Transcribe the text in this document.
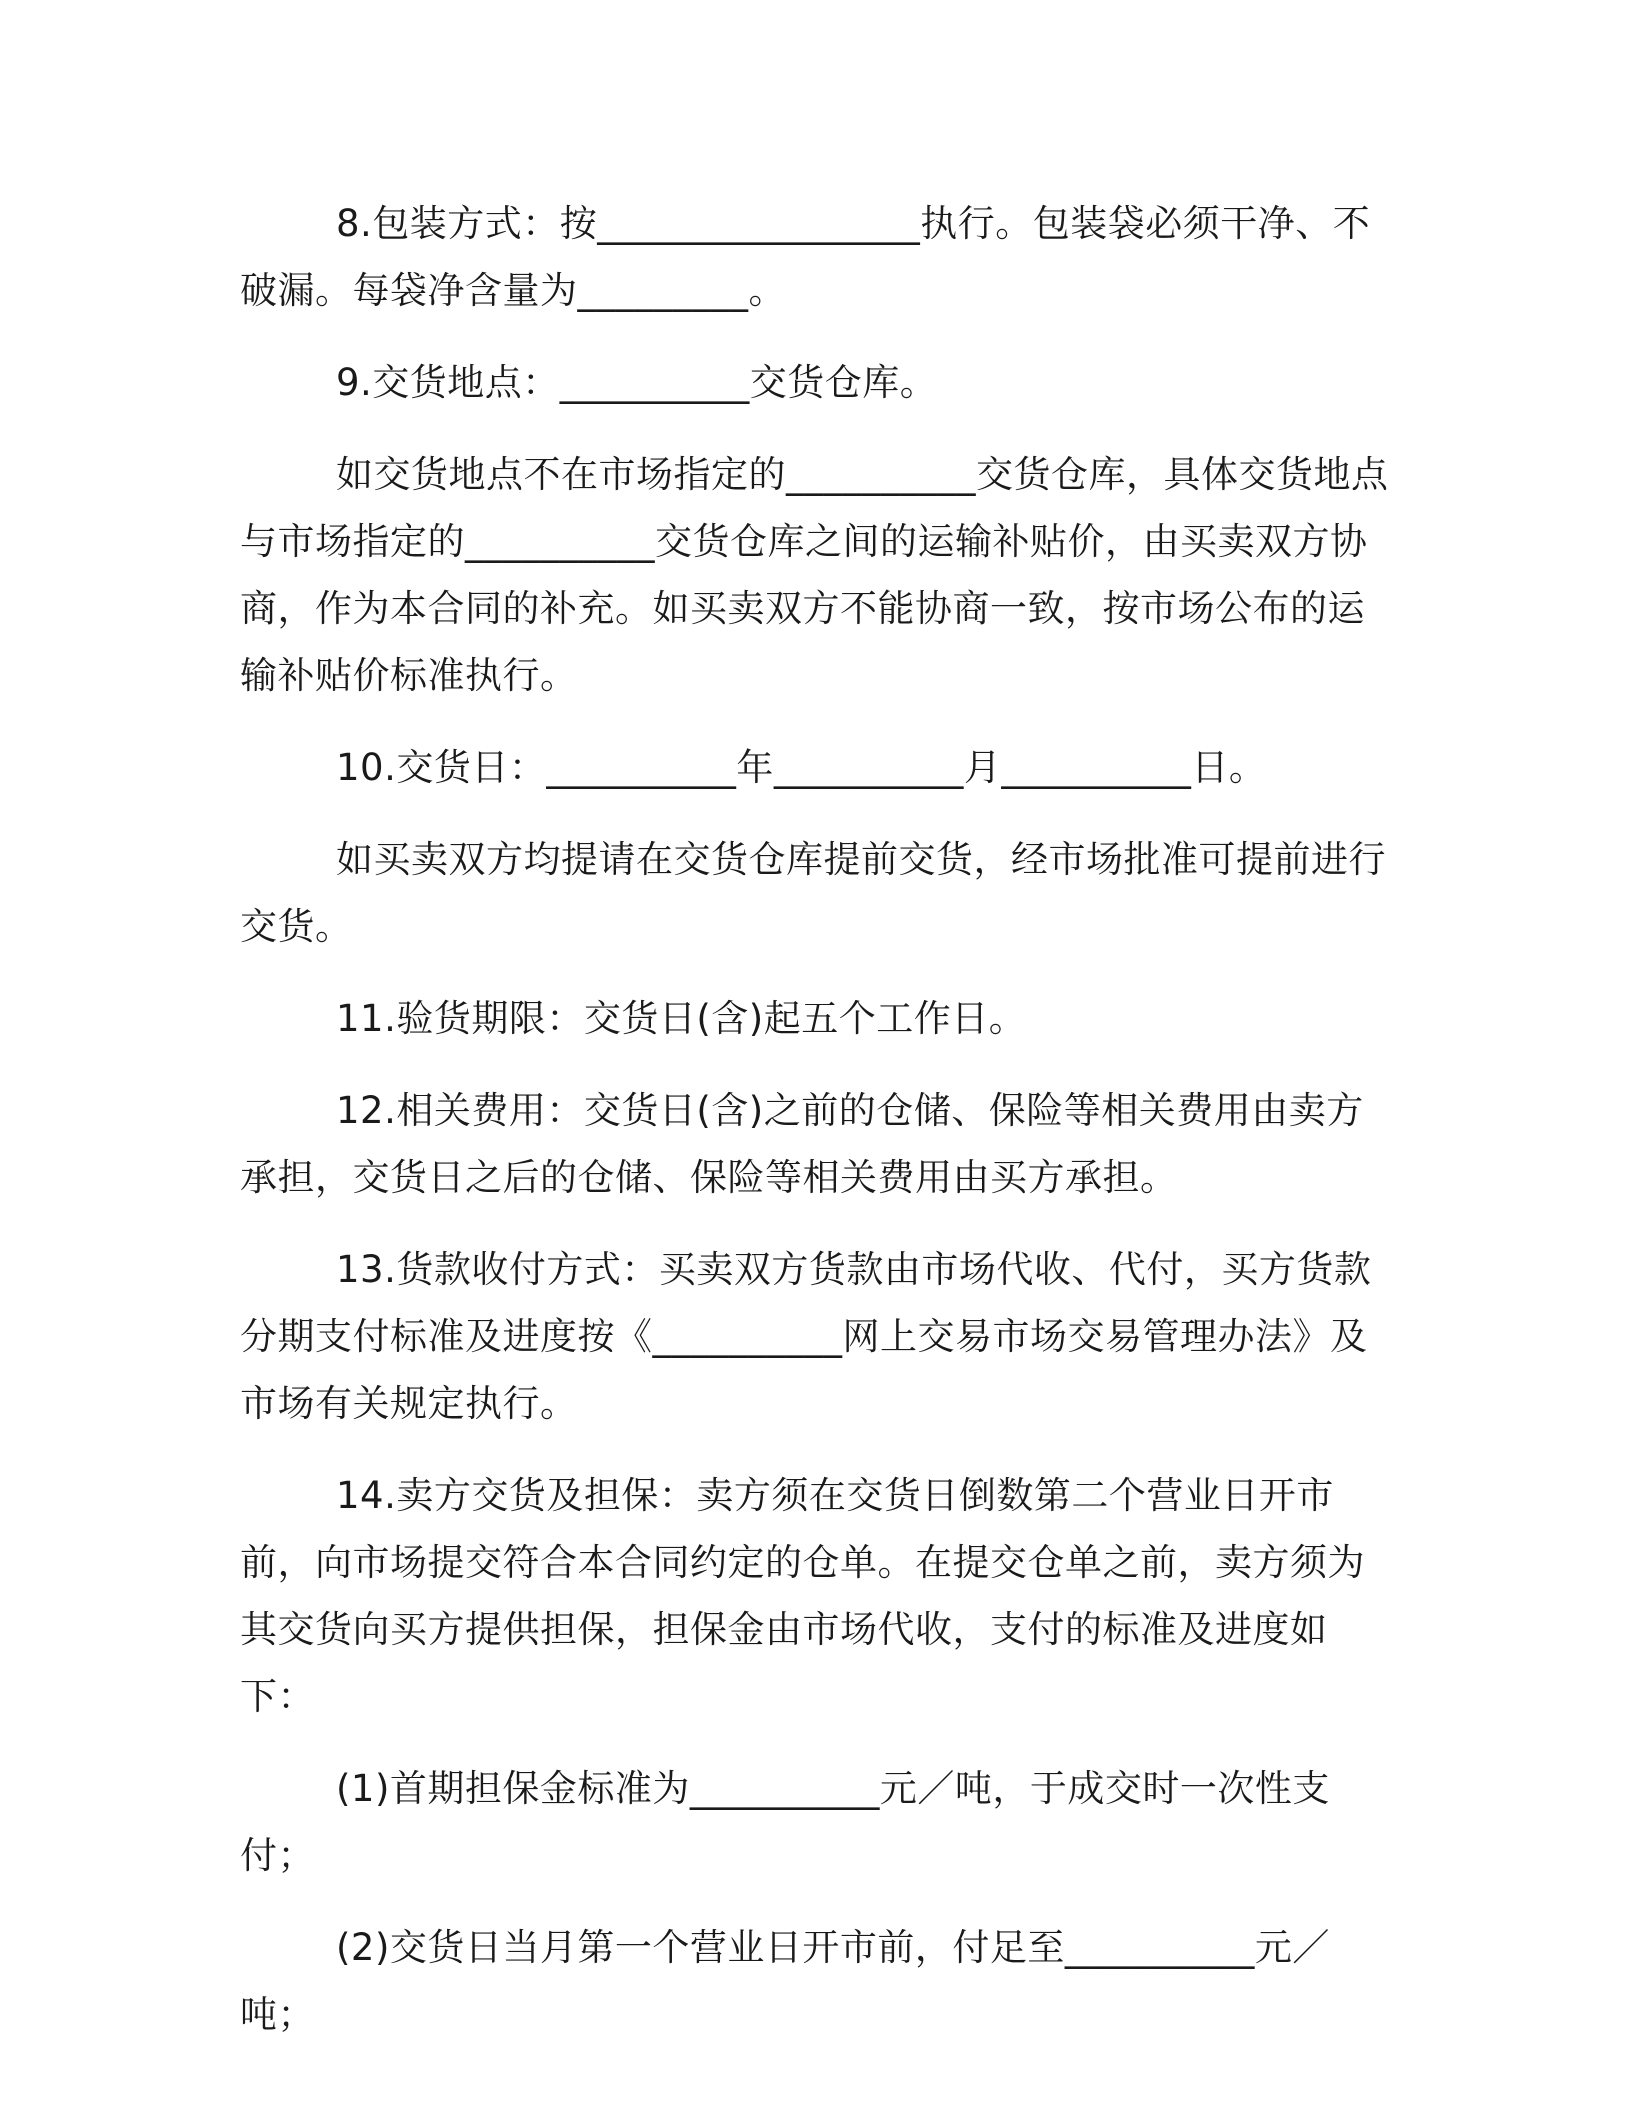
8.包装方式：按_________________执行。包装袋必须干净、不破漏。每袋净含量为_________。

9.交货地点：__________交货仓库。

如交货地点不在市场指定的__________交货仓库，具体交货地点与市场指定的__________交货仓库之间的运输补贴价，由买卖双方协商，作为本合同的补充。如买卖双方不能协商一致，按市场公布的运输补贴价标准执行。

10.交货日：__________年__________月__________日。

如买卖双方均提请在交货仓库提前交货，经市场批准可提前进行交货。

11.验货期限：交货日(含)起五个工作日。

12.相关费用：交货日(含)之前的仓储、保险等相关费用由卖方承担，交货日之后的仓储、保险等相关费用由买方承担。

13.货款收付方式：买卖双方货款由市场代收、代付，买方货款分期支付标准及进度按《__________网上交易市场交易管理办法》及市场有关规定执行。

14.卖方交货及担保：卖方须在交货日倒数第二个营业日开市前，向市场提交符合本合同约定的仓单。在提交仓单之前，卖方须为其交货向买方提供担保，担保金由市场代收，支付的标准及进度如下：

(1)首期担保金标准为__________元／吨，于成交时一次性支付；

(2)交货日当月第一个营业日开市前，付足至__________元／吨；
